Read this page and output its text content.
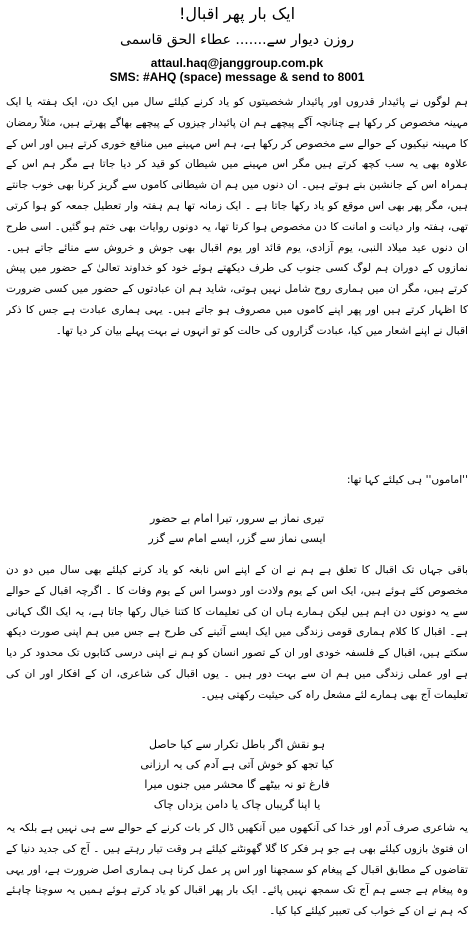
ایک بار پھر اقبال!
روزن دیوار سے....... عطاء الحق قاسمی
attaul.haq@janggroup.com.pk
SMS: #AHQ (space) message & send to 8001

ہم لوگوں نے پائیدار قدروں اور پائیدار شخصیتوں کو یاد کرنے کیلئے سال میں ایک دن، ایک ہفتہ یا ایک مہینہ مخصوص کر رکھا ہے چنانچہ آگے پیچھے ہم ان پائیدار چیزوں کے پیچھے بھاگے پھرتے ہیں، مثلاً رمضان کا مہینہ نیکیوں کے حوالے سے مخصوص کر رکھا ہے، ہم اس مہینے میں منافع خوری کرتے ہیں اور اس کے علاوہ بھی یہ سب کچھ کرتے ہیں مگر اس مہینے میں شیطان کو قید کر دیا جاتا ہے مگر ہم اس کے ہمراہ اس کے جانشین بنے ہوتے ہیں۔ ان دنوں میں ہم ان شیطانی کاموں سے گریز کرنا بھی خوب جانتے ہیں، مگر پھر بھی اس موقع کو یاد رکھا جاتا ہے ۔ ایک زمانہ تھا ہم ہفتہ وار تعطیل جمعہ کو ہوا کرتی تھی، ہفتہ وار دیانت و امانت کا دن مخصوص ہوا کرتا تھا، یہ دونوں روایات بھی ختم ہو گئیں۔ اسی طرح ان دنوں عید میلاد النبی، یوم آزادی، یوم قائد اور یوم اقبال بھی جوش و خروش سے منائے جاتے ہیں۔ نمازوں کے دوران ہم لوگ کسی جنوب کی طرف دیکھتے ہوئے خود کو خداوند تعالیٰ کے حضور میں پیش کرتے ہیں، مگر ان میں ہماری روح شامل نہیں ہوتی، شاید ہم ان عبادتوں کے حضور میں کسی ضرورت کا اظہار کرتے ہیں اور پھر اپنے کاموں میں مصروف ہو جاتے ہیں۔ یہی ہماری عبادت ہے جس کا ذکر اقبال نے اپنے اشعار میں کیا، عبادت گزاروں کی حالت کو تو انہوں نے بہت پہلے بیان کر دیا تھا۔

''اماموں'' ہی کیلئے کہا تھا:

تیری نماز بے سرور، تیرا امام بے حضور
ایسی نماز سے گزر، ایسے امام سے گزر

باقی جہاں تک اقبال کا تعلق ہے ہم نے ان کے اپنے اس نابغہ کو یاد کرنے کیلئے بھی سال میں دو دن مخصوص کئے ہوئے ہیں، ایک اس کے یوم ولادت اور دوسرا اس کے یوم وفات کا ۔ اگرچہ اقبال کے حوالے سے یہ دونوں دن اہم ہیں لیکن ہمارے ہاں ان کی تعلیمات کا کتنا خیال رکھا جاتا ہے، یہ ایک الگ کہانی ہے۔ اقبال کا کلام ہماری قومی زندگی میں ایک ایسے آئینے کی طرح ہے جس میں ہم اپنی صورت دیکھ سکتے ہیں، اقبال کے فلسفہ خودی اور ان کے تصور انسان کو ہم نے اپنی درسی کتابوں تک محدود کر دیا ہے اور عملی زندگی میں ہم ان سے بہت دور ہیں ۔ یوں اقبال کی شاعری، ان کے افکار اور ان کی تعلیمات آج بھی ہمارے لئے مشعل راہ کی حیثیت رکھتی ہیں۔

ہو نقش اگر باطل تکرار سے کیا حاصل
کیا تجھ کو خوش آتی ہے آدم کی یہ ارزانی
فارغ تو نہ بیٹھے گا محشر میں جنوں میرا
یا اپنا گریباں چاک یا دامن یزداں چاک

یہ شاعری صرف آدم اور خدا کی آنکھوں میں آنکھیں ڈال کر بات کرنے کے حوالے سے ہی نہیں ہے بلکہ یہ ان فتویٰ بازوں کیلئے بھی ہے جو ہر فکر کا گلا گھونٹنے کیلئے ہر وقت تیار رہتے ہیں ۔ آج کی جدید دنیا کے تقاضوں کے مطابق اقبال کے پیغام کو سمجھنا اور اس پر عمل کرنا ہی ہماری اصل ضرورت ہے، اور یہی وہ پیغام ہے جسے ہم آج تک سمجھ نہیں پائے۔ ایک بار پھر اقبال کو یاد کرتے ہوئے ہمیں یہ سوچنا چاہئے کہ ہم نے ان کے خواب کی تعبیر کیلئے کیا کیا۔
